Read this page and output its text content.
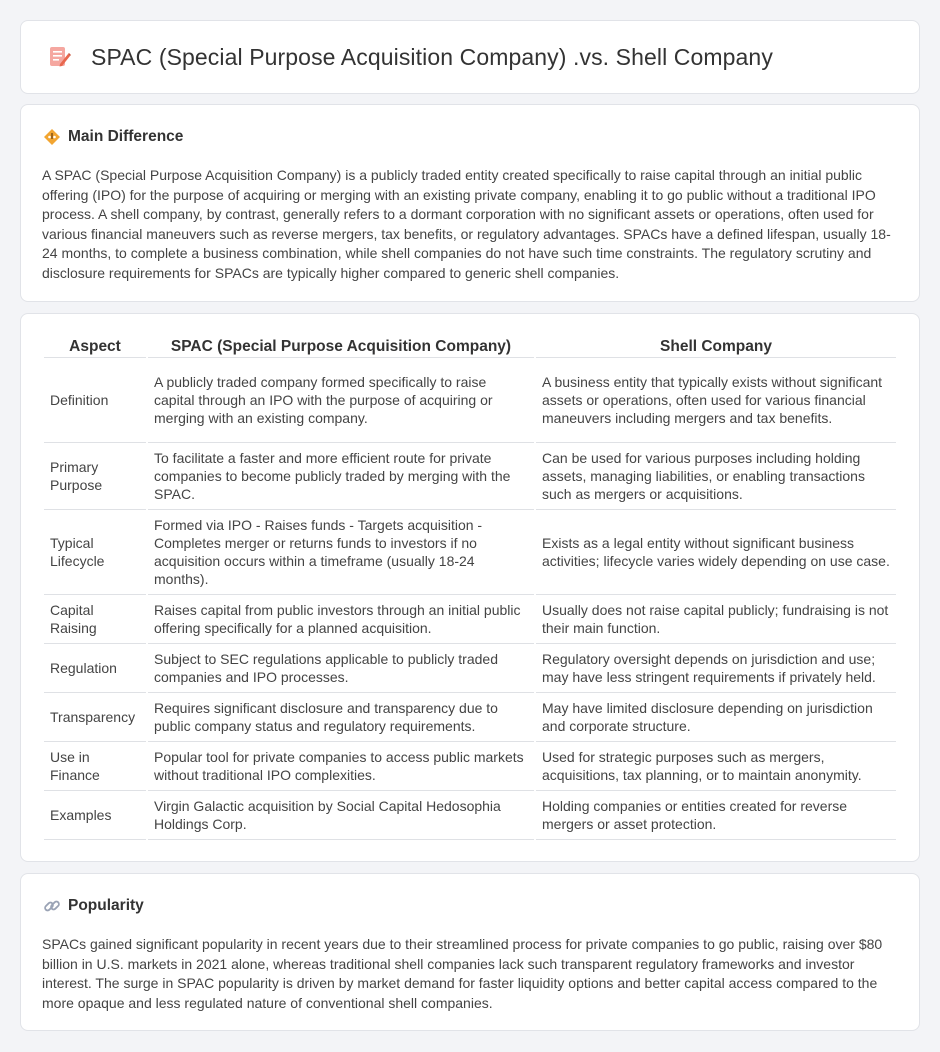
SPAC (Special Purpose Acquisition Company) .vs. Shell Company
Main Difference

A SPAC (Special Purpose Acquisition Company) is a publicly traded entity created specifically to raise capital through an initial public offering (IPO) for the purpose of acquiring or merging with an existing private company, enabling it to go public without a traditional IPO process. A shell company, by contrast, generally refers to a dormant corporation with no significant assets or operations, often used for various financial maneuvers such as reverse mergers, tax benefits, or regulatory advantages. SPACs have a defined lifespan, usually 18-24 months, to complete a business combination, while shell companies do not have such time constraints. The regulatory scrutiny and disclosure requirements for SPACs are typically higher compared to generic shell companies.

Aspect	SPAC (Special Purpose Acquisition Company)	Shell Company
Definition	A publicly traded company formed specifically to raise capital through an IPO with the purpose of acquiring or merging with an existing company.	A business entity that typically exists without significant assets or operations, often used for various financial maneuvers including mergers and tax benefits.
Primary Purpose	To facilitate a faster and more efficient route for private companies to become publicly traded by merging with the SPAC.	Can be used for various purposes including holding assets, managing liabilities, or enabling transactions such as mergers or acquisitions.
Typical Lifecycle	Formed via IPO - Raises funds - Targets acquisition - Completes merger or returns funds to investors if no acquisition occurs within a timeframe (usually 18-24 months).	Exists as a legal entity without significant business activities; lifecycle varies widely depending on use case.
Capital Raising	Raises capital from public investors through an initial public offering specifically for a planned acquisition.	Usually does not raise capital publicly; fundraising is not their main function.
Regulation	Subject to SEC regulations applicable to publicly traded companies and IPO processes.	Regulatory oversight depends on jurisdiction and use; may have less stringent requirements if privately held.
Transparency	Requires significant disclosure and transparency due to public company status and regulatory requirements.	May have limited disclosure depending on jurisdiction and corporate structure.
Use in Finance	Popular tool for private companies to access public markets without traditional IPO complexities.	Used for strategic purposes such as mergers, acquisitions, tax planning, or to maintain anonymity.
Examples	Virgin Galactic acquisition by Social Capital Hedosophia Holdings Corp.	Holding companies or entities created for reverse mergers or asset protection.
Popularity

SPACs gained significant popularity in recent years due to their streamlined process for private companies to go public, raising over $80 billion in U.S. markets in 2021 alone, whereas traditional shell companies lack such transparent regulatory frameworks and investor interest. The surge in SPAC popularity is driven by market demand for faster liquidity options and better capital access compared to the more opaque and less regulated nature of conventional shell companies.
